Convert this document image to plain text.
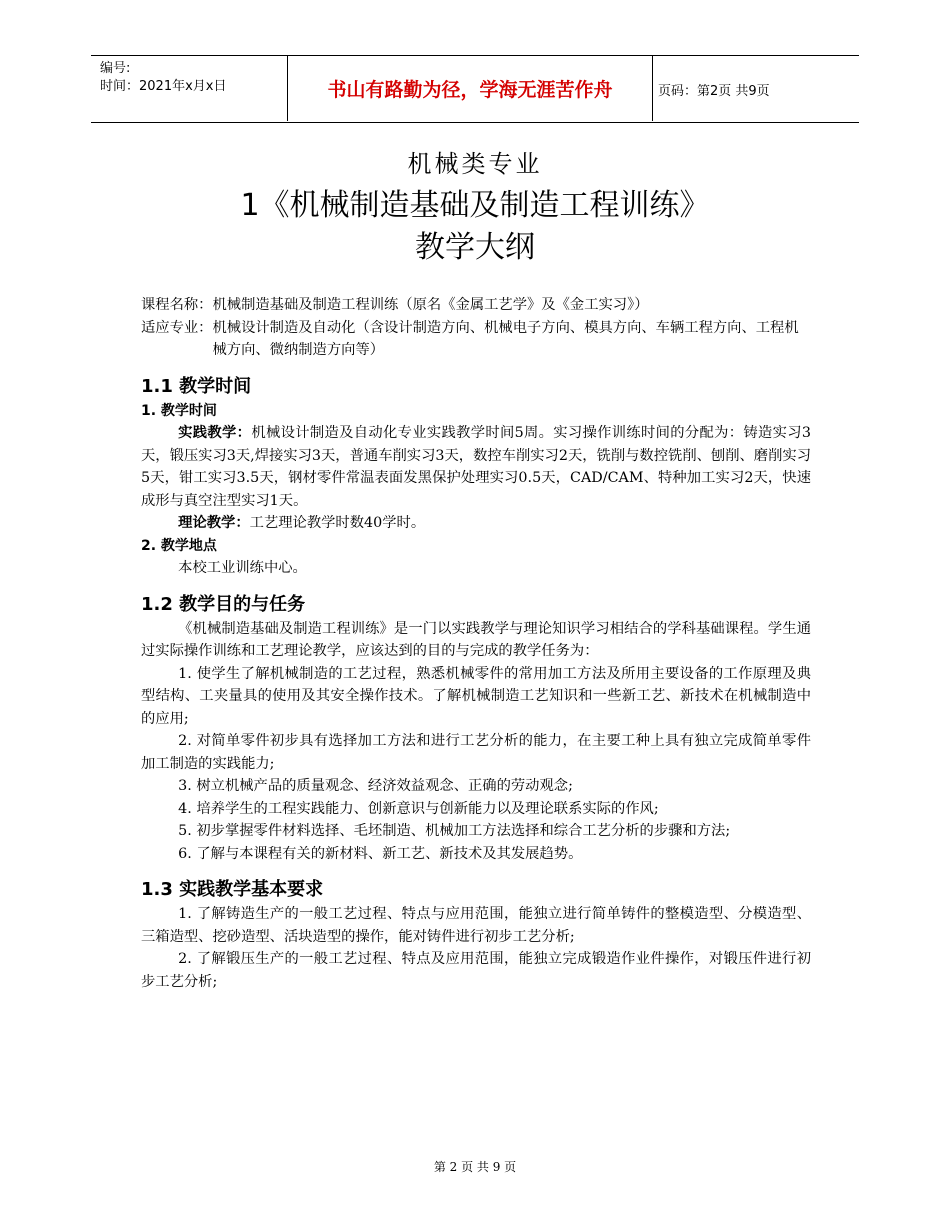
编号:
时间：2021年x月x日	书山有路勤为径，学海无涯苦作舟	页码：第2页 共9页
机械类专业
1《机械制造基础及制造工程训练》
教学大纲
课程名称： 机械制造基础及制造工程训练（原名《金属工艺学》及《金工实习》）
适应专业： 机械设计制造及自动化（含设计制造方向、机械电子方向、模具方向、车辆工程方向、工程机械方向、微纳制造方向等）
1.1 教学时间

1. 教学时间

实践教学：机械设计制造及自动化专业实践教学时间5周。实习操作训练时间的分配为：铸造实习3天，锻压实习3天,焊接实习3天，普通车削实习3天，数控车削实习2天，铣削与数控铣削、刨削、磨削实习5天，钳工实习3.5天，钢材零件常温表面发黑保护处理实习0.5天，CAD/CAM、特种加工实习2天，快速成形与真空注型实习1天。

理论教学：工艺理论教学时数40学时。

2. 教学地点

本校工业训练中心。

1.2 教学目的与任务

《机械制造基础及制造工程训练》是一门以实践教学与理论知识学习相结合的学科基础课程。学生通过实际操作训练和工艺理论教学，应该达到的目的与完成的教学任务为：

1. 使学生了解机械制造的工艺过程，熟悉机械零件的常用加工方法及所用主要设备的工作原理及典型结构、工夹量具的使用及其安全操作技术。了解机械制造工艺知识和一些新工艺、新技术在机械制造中的应用;

2. 对简单零件初步具有选择加工方法和进行工艺分析的能力，在主要工种上具有独立完成简单零件加工制造的实践能力;

3. 树立机械产品的质量观念、经济效益观念、正确的劳动观念;

4. 培养学生的工程实践能力、创新意识与创新能力以及理论联系实际的作风;

5. 初步掌握零件材料选择、毛坯制造、机械加工方法选择和综合工艺分析的步骤和方法;

6. 了解与本课程有关的新材料、新工艺、新技术及其发展趋势。

1.3 实践教学基本要求

1. 了解铸造生产的一般工艺过程、特点与应用范围，能独立进行简单铸件的整模造型、分模造型、三箱造型、挖砂造型、活块造型的操作，能对铸件进行初步工艺分析;

2. 了解锻压生产的一般工艺过程、特点及应用范围，能独立完成锻造作业件操作，对锻压件进行初步工艺分析;

第 2 页 共 9 页
